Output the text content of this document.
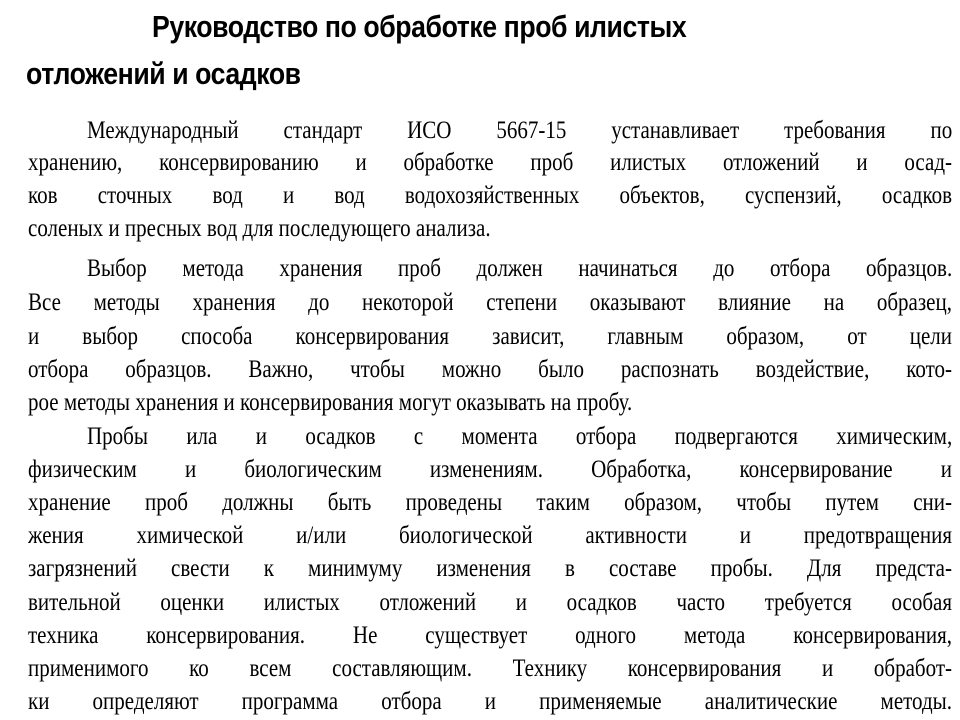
Руководство по обработке проб илистых
отложений и осадков
Международный стандарт ИСО 5667-15 устанавливает требования по
хранению, консервированию и обработке проб илистых отложений и осад-
ков сточных вод и вод водохозяйственных объектов, суспензий, осадков
соленых и пресных вод для последующего анализа.
Выбор метода хранения проб должен начинаться до отбора образцов.
Все методы хранения до некоторой степени оказывают влияние на образец,
и выбор способа консервирования зависит, главным образом, от цели
отбора образцов. Важно, чтобы можно было распознать воздействие, кото-
рое методы хранения и консервирования могут оказывать на пробу.
Пробы ила и осадков с момента отбора подвергаются химическим,
физическим и биологическим изменениям. Обработка, консервирование и
хранение проб должны быть проведены таким образом, чтобы путем сни-
жения химической и/или биологической активности и предотвращения
загрязнений свести к минимуму изменения в составе пробы. Для предста-
вительной оценки илистых отложений и осадков часто требуется особая
техника консервирования. Не существует одного метода консервирования,
применимого ко всем составляющим. Технику консервирования и обработ-
ки определяют программа отбора и применяемые аналитические методы.
